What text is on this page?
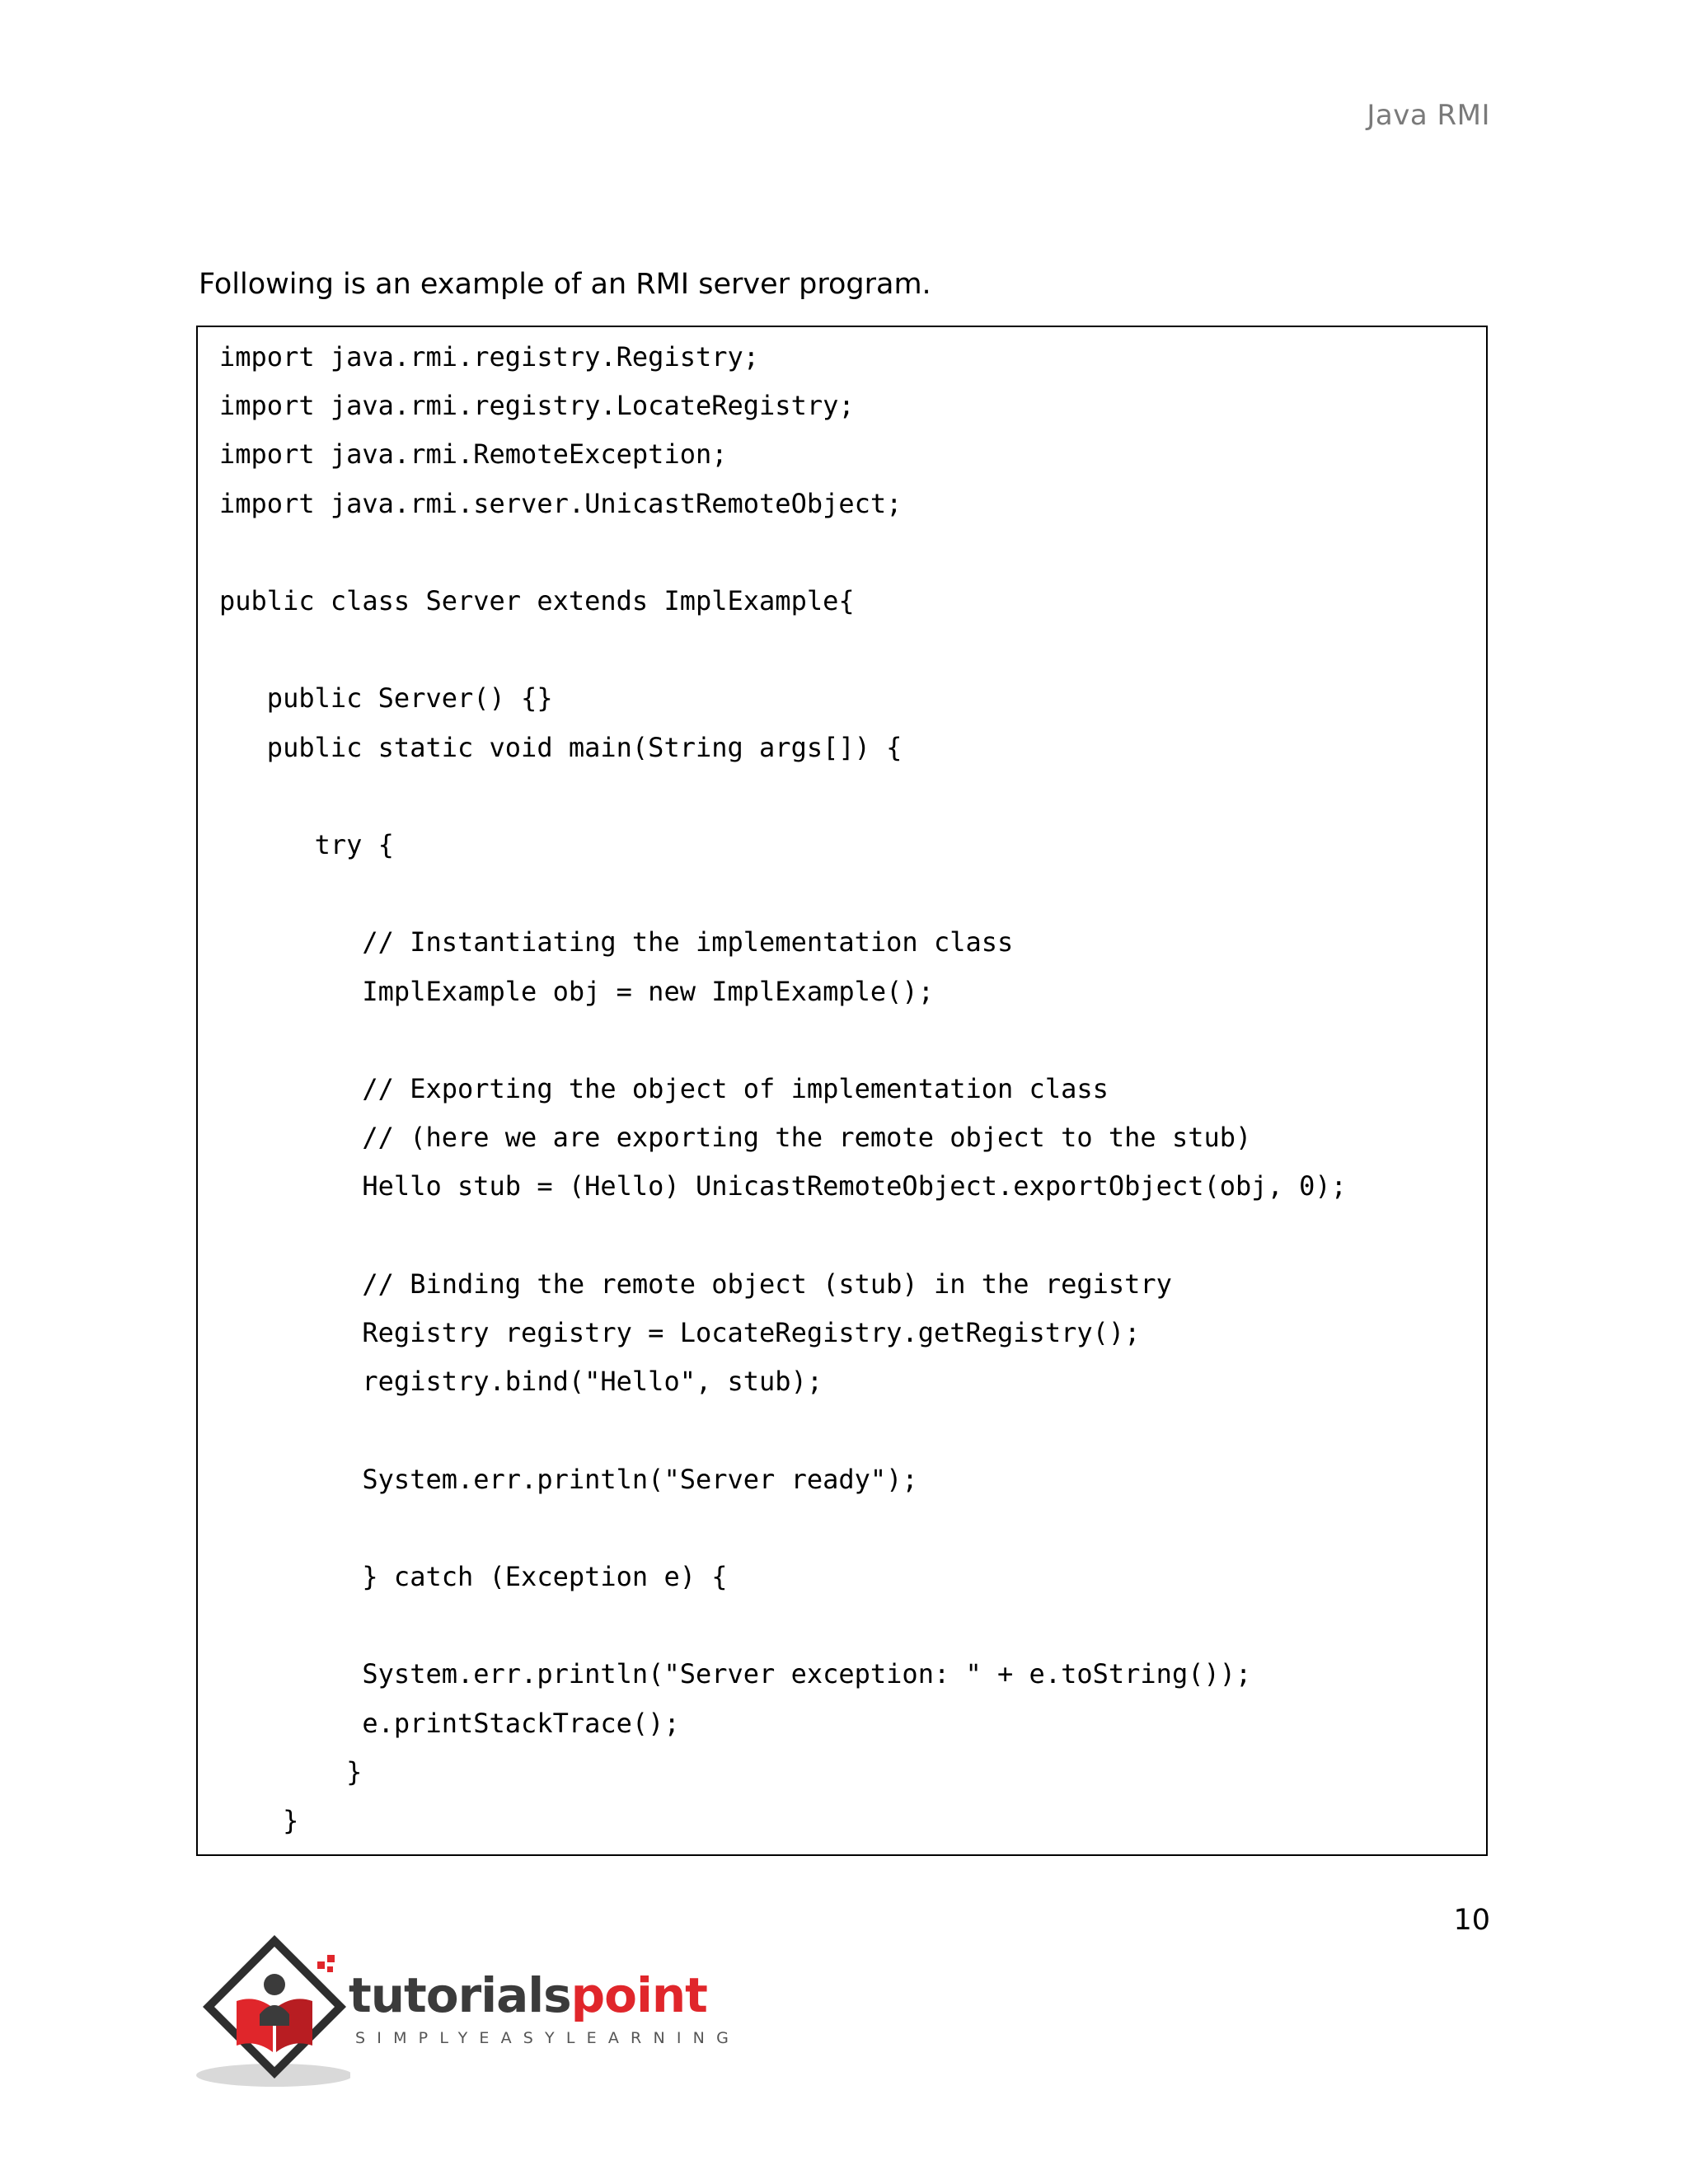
Java RMI
Following is an example of an RMI server program.
import java.rmi.registry.Registry;
import java.rmi.registry.LocateRegistry;
import java.rmi.RemoteException;
import java.rmi.server.UnicastRemoteObject;
public class Server extends ImplExample{
public Server() {}
public static void main(String args[]) {
try {
// Instantiating the implementation class
ImplExample obj = new ImplExample();
// Exporting the object of implementation class
// (here we are exporting the remote object to the stub)
Hello stub = (Hello) UnicastRemoteObject.exportObject(obj, 0);
// Binding the remote object (stub) in the registry
Registry registry = LocateRegistry.getRegistry();
registry.bind("Hello", stub);
System.err.println("Server ready");
} catch (Exception e) {
System.err.println("Server exception: " + e.toString());
e.printStackTrace();
}
}
10
tutorialspoint
SIMPLYEASYLEARNING
